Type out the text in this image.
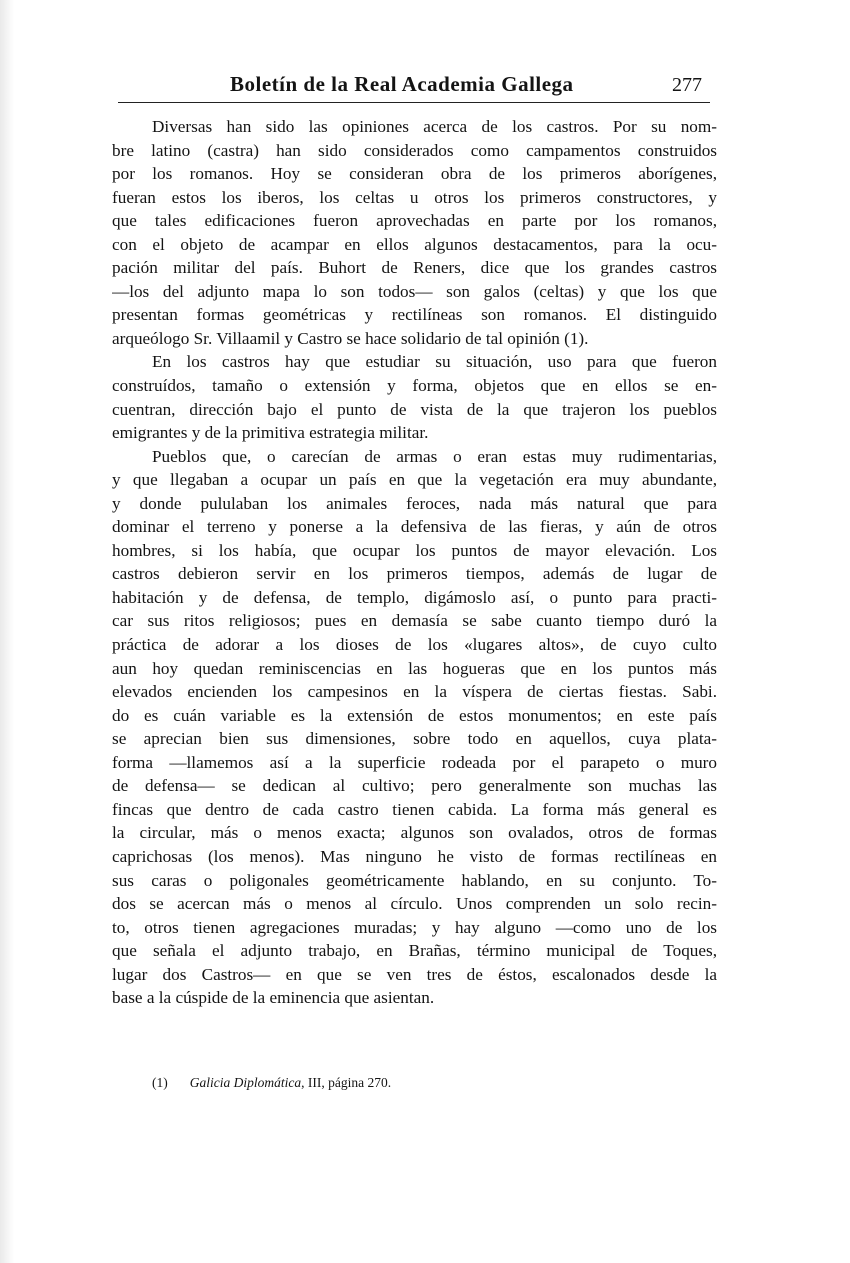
Boletín de la Real Academia Gallega	277
Diversas han sido las opiniones acerca de los castros. Por su nom-
bre latino (castra) han sido considerados como campamentos construidos
por los romanos. Hoy se consideran obra de los primeros aborígenes,
fueran estos los iberos, los celtas u otros los primeros constructores, y
que tales edificaciones fueron aprovechadas en parte por los romanos,
con el objeto de acampar en ellos algunos destacamentos, para la ocu-
pación militar del país. Buhort de Reners, dice que los grandes castros
—los del adjunto mapa lo son todos— son galos (celtas) y que los que
presentan formas geométricas y rectilíneas son romanos. El distinguido
arqueólogo Sr. Villaamil y Castro se hace solidario de tal opinión (1).
En los castros hay que estudiar su situación, uso para que fueron
construídos, tamaño o extensión y forma, objetos que en ellos se en-
cuentran, dirección bajo el punto de vista de la que trajeron los pueblos
emigrantes y de la primitiva estrategia militar.
Pueblos que, o carecían de armas o eran estas muy rudimentarias,
y que llegaban a ocupar un país en que la vegetación era muy abundante,
y donde pululaban los animales feroces, nada más natural que para
dominar el terreno y ponerse a la defensiva de las fieras, y aún de otros
hombres, si los había, que ocupar los puntos de mayor elevación. Los
castros debieron servir en los primeros tiempos, además de lugar de
habitación y de defensa, de templo, digámoslo así, o punto para practi-
car sus ritos religiosos; pues en demasía se sabe cuanto tiempo duró la
práctica de adorar a los dioses de los «lugares altos», de cuyo culto
aun hoy quedan reminiscencias en las hogueras que en los puntos más
elevados encienden los campesinos en la víspera de ciertas fiestas. Sabi.
do es cuán variable es la extensión de estos monumentos; en este país
se aprecian bien sus dimensiones, sobre todo en aquellos, cuya plata-
forma —llamemos así a la superficie rodeada por el parapeto o muro
de defensa— se dedican al cultivo; pero generalmente son muchas las
fincas que dentro de cada castro tienen cabida. La forma más general es
la circular, más o menos exacta; algunos son ovalados, otros de formas
caprichosas (los menos). Mas ninguno he visto de formas rectilíneas en
sus caras o poligonales geométricamente hablando, en su conjunto. To-
dos se acercan más o menos al círculo. Unos comprenden un solo recin-
to, otros tienen agregaciones muradas; y hay alguno —como uno de los
que señala el adjunto trabajo, en Brañas, término municipal de Toques,
lugar dos Castros— en que se ven tres de éstos, escalonados desde la
base a la cúspide de la eminencia que asientan.
(1) Galicia Diplomática, III, página 270.
